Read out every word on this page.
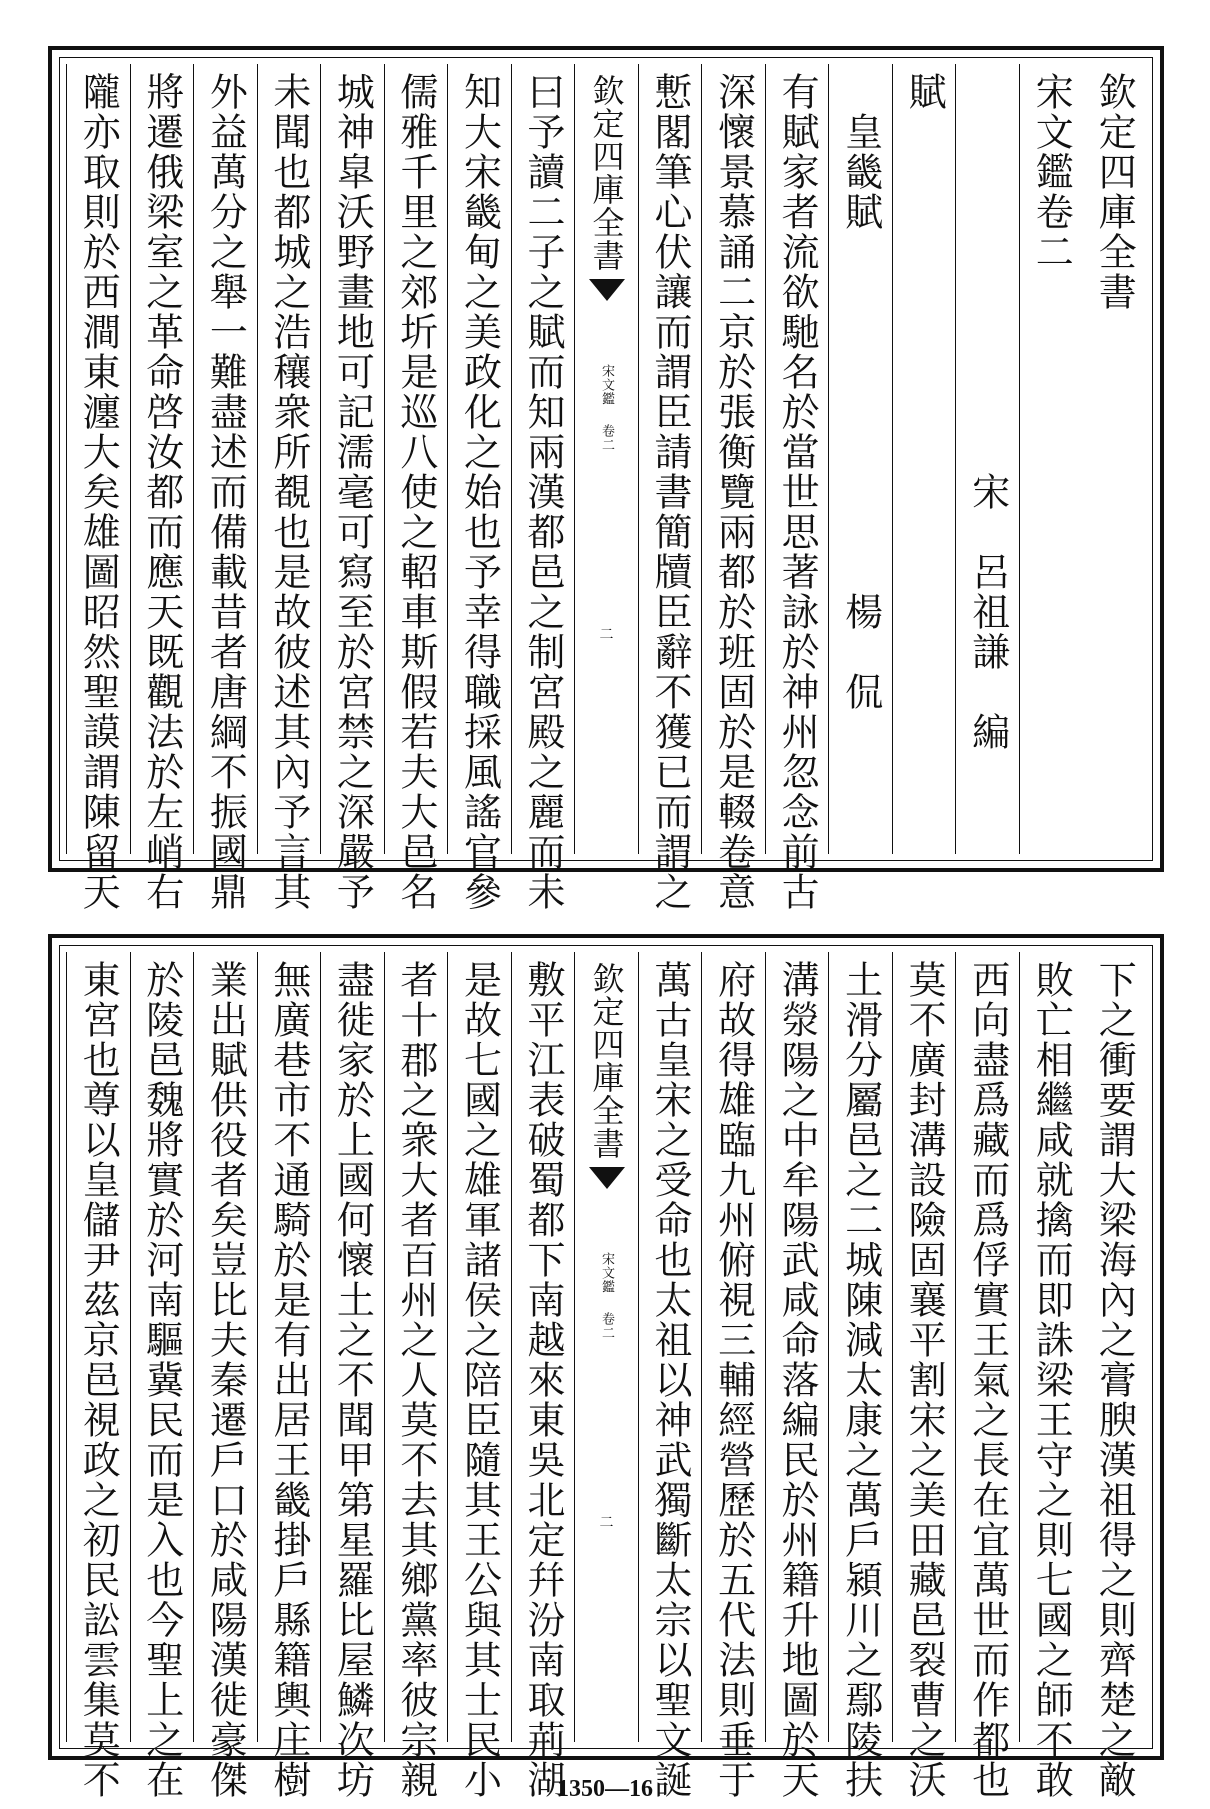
欽定四庫全書
宋文鑑卷二
　　　　　　　　　　宋　呂祖謙　編
賦
　皇畿賦　　　　　　　　　楊　侃
有賦家者流欲馳名於當世思著詠於神州忽念前古
深懷景慕誦二京於張衡覽兩都於班固於是輟卷意
慙閣筆心伏讓而謂臣請書簡牘臣辭不獲已而謂之
欽定四庫全書
宋文鑑
卷二
二
曰予讀二子之賦而知兩漢都邑之制宮殿之麗而未
知大宋畿甸之美政化之始也予幸得職採風謠官參
儒雅千里之郊圻是巡八使之軺車斯假若夫大邑名
城神皐沃野畫地可記濡毫可寫至於宮禁之深嚴予
未聞也都城之浩穰衆所覩也是故彼述其內予言其
外益萬分之舉一難盡述而備載昔者唐綱不振國鼎
將遷俄梁室之革命啓汝都而應天既觀法於左峭右
隴亦取則於西澗東瀍大矣雄圖昭然聖謨謂陳留天
下之衝要謂大梁海內之膏腴漢祖得之則齊楚之敵
敗亡相繼咸就擒而即誅梁王守之則七國之師不敢
西向盡爲藏而爲俘實王氣之長在宜萬世而作都也
莫不廣封溝設險固襄平割宋之美田藏邑裂曹之沃
土滑分屬邑之二城陳減太康之萬戶潁川之鄢陵扶
溝滎陽之中牟陽武咸命落編民於州籍升地圖於天
府故得雄臨九州俯視三輔經營歷於五代法則垂于
萬古皇宋之受命也太祖以神武獨斷太宗以聖文誕
欽定四庫全書
宋文鑑
卷二
二
敷平江表破蜀都下南越來東吳北定幷汾南取荊湖
是故七國之雄軍諸侯之陪臣隨其王公與其士民小
者十郡之衆大者百州之人莫不去其鄉黨率彼宗親
盡徙家於上國何懷土之不聞甲第星羅比屋鱗次坊
無廣巷市不通騎於是有出居王畿掛戶縣籍輿庄樹
業出賦供役者矣豈比夫秦遷戶口於咸陽漢徙豪傑
於陵邑魏將實於河南驅冀民而是入也今聖上之在
東宮也尊以皇儲尹茲京邑視政之初民訟雲集莫不	1350—16
